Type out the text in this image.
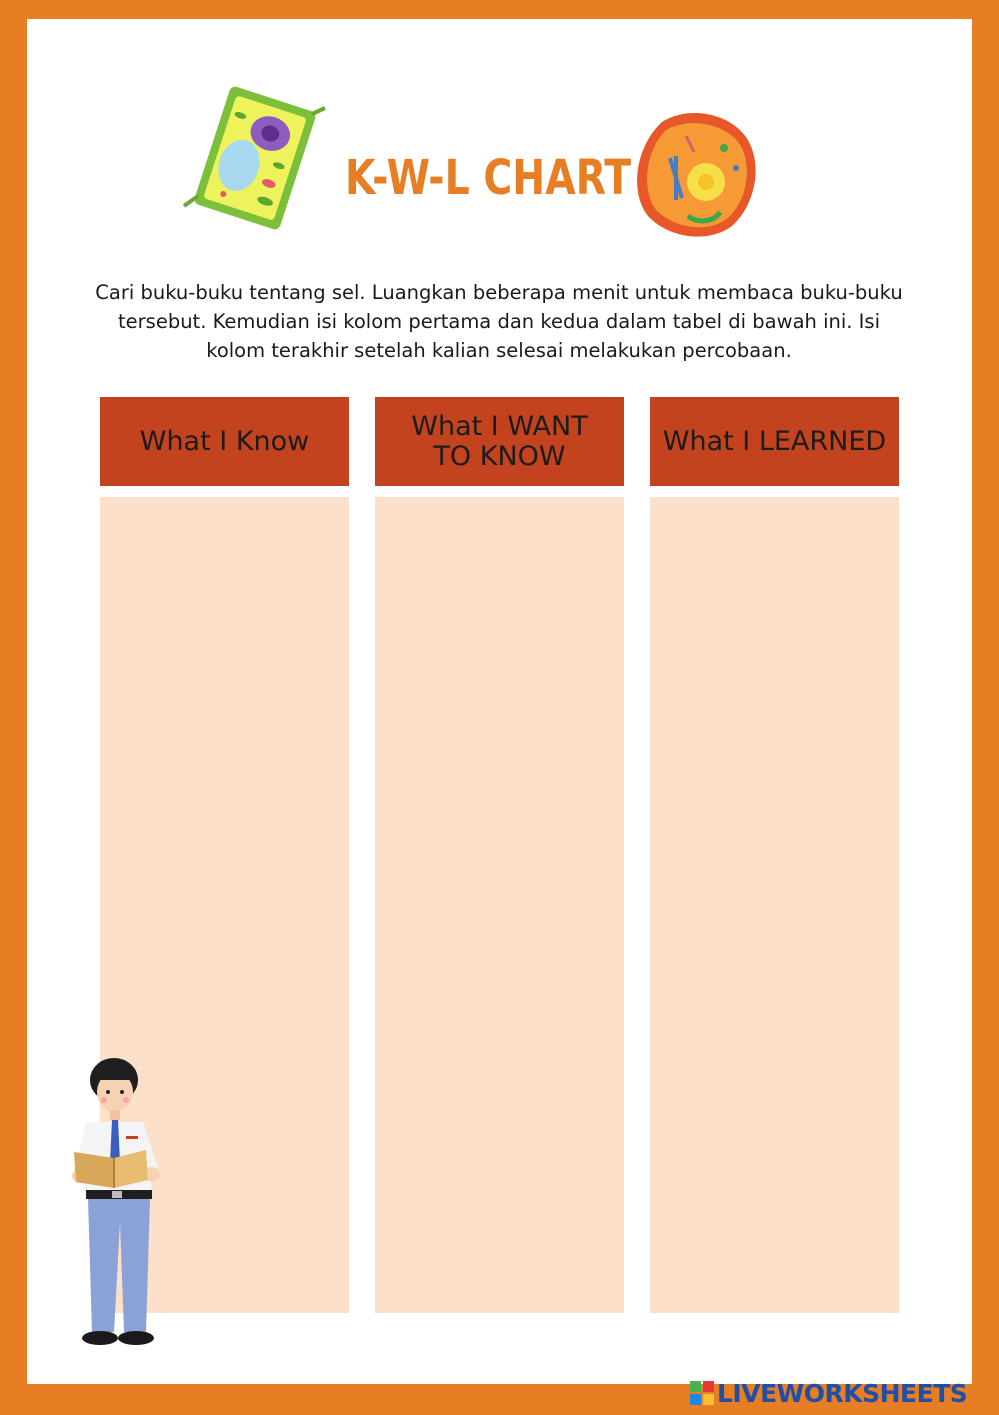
K-W-L CHART
Cari buku-buku tentang sel. Luangkan beberapa menit untuk membaca buku-buku tersebut. Kemudian isi kolom pertama dan kedua dalam tabel di bawah ini. Isi kolom terakhir setelah kalian selesai melakukan percobaan.
What I Know	What I WANT TO KNOW	What I LEARNED
LIVEWORKSHEETS
